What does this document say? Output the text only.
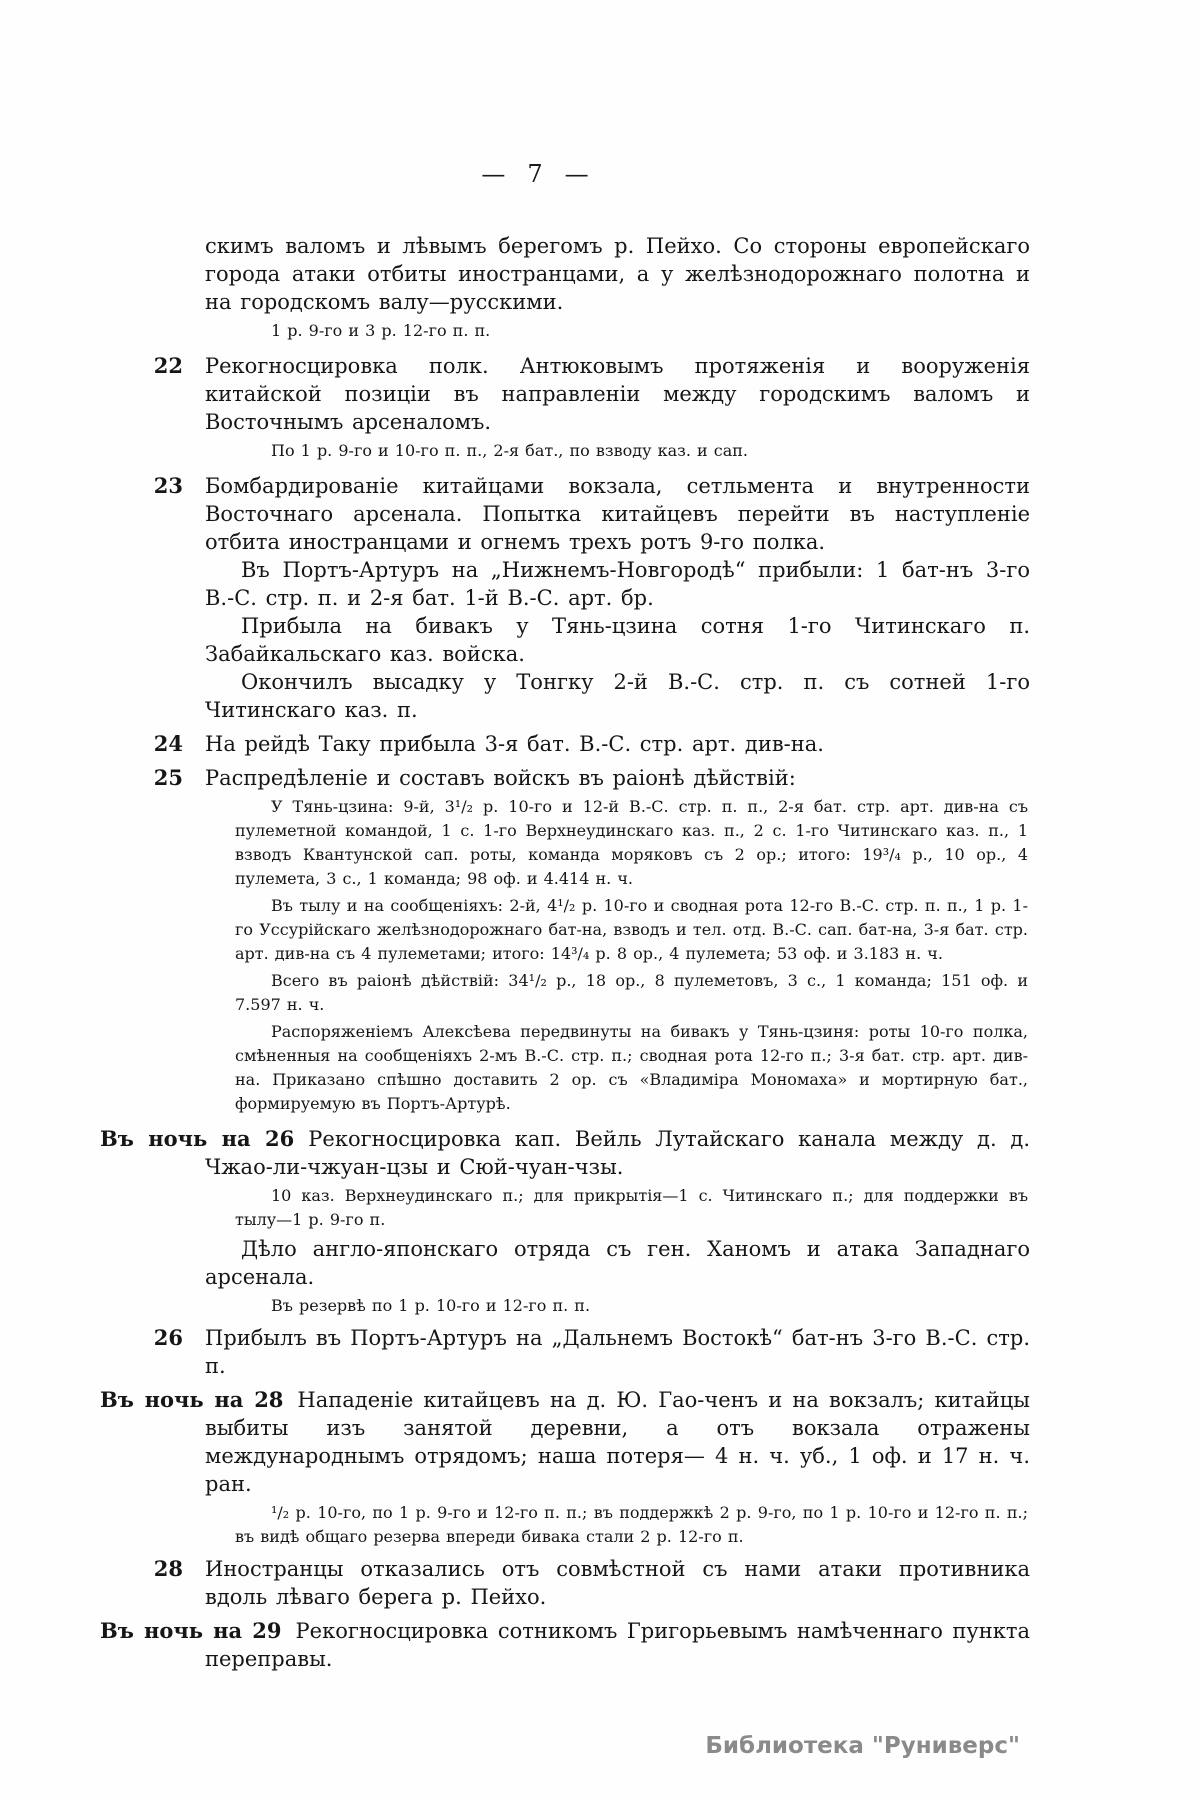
— 7 —

скимъ валомъ и лѣвымъ берегомъ р. Пейхо. Со стороны европейскаго города атаки отбиты иностранцами, а у желѣзнодорожнаго полотна и на городскомъ валу—русскими.

1 р. 9-го и 3 р. 12-го п. п.

22	Рекогносцировка полк. Антюковымъ протяженія и вооруженія китайской позиціи въ направленіи между городскимъ валомъ и Восточнымъ арсеналомъ.

По 1 р. 9-го и 10-го п. п., 2-я бат., по взводу каз. и сап.

23	Бомбардированіе китайцами вокзала, сетльмента и внутренности Восточнаго арсенала. Попытка китайцевъ перейти въ наступленіе отбита иностранцами и огнемъ трехъ ротъ 9-го полка.

Въ Портъ-Артуръ на „Нижнемъ-Новгородѣ“ прибыли: 1 бат-нъ 3-го В.-С. стр. п. и 2-я бат. 1-й В.-С. арт. бр.

Прибыла на бивакъ у Тянь-цзина сотня 1-го Читинскаго п. Забайкальскаго каз. войска.

Окончилъ высадку у Тонгку 2-й В.-С. стр. п. съ сотней 1-го Читинскаго каз. п.

24	На рейдѣ Таку прибыла 3-я бат. В.-С. стр. арт. див-на.

25	Распредѣленіе и составъ войскъ въ раіонѣ дѣйствій:

У Тянь-цзина: 9-й, 3¹/₂ р. 10-го и 12-й В.-С. стр. п. п., 2-я бат. стр. арт. див-на съ пулеметной командой, 1 с. 1-го Верхнеудинскаго каз. п., 2 с. 1-го Читинскаго каз. п., 1 взводъ Квантунской сап. роты, команда моряковъ съ 2 ор.; итого: 19³/₄ р., 10 ор., 4 пулемета, 3 с., 1 команда; 98 оф. и 4.414 н. ч.

Въ тылу и на сообщеніяхъ: 2-й, 4¹/₂ р. 10-го и сводная рота 12-го В.-С. стр. п. п., 1 р. 1-го Уссурійскаго желѣзнодорожнаго бат-на, взводъ и тел. отд. В.-С. сап. бат-на, 3-я бат. стр. арт. див-на съ 4 пулеметами; итого: 14³/₄ р. 8 ор., 4 пулемета; 53 оф. и 3.183 н. ч.

Всего въ раіонѣ дѣйствій: 34¹/₂ р., 18 ор., 8 пулеметовъ, 3 с., 1 команда; 151 оф. и 7.597 н. ч.

Распоряженіемъ Алексѣева передвинуты на бивакъ у Тянь-цзиня: роты 10-го полка, смѣненныя на сообщеніяхъ 2-мъ В.-С. стр. п.; сводная рота 12-го п.; 3-я бат. стр. арт. див-на. Приказано спѣшно доставить 2 ор. съ «Владиміра Мономаха» и мортирную бат., формируемую въ Портъ-Артурѣ.

Въ ночь на 26 Рекогносцировка кап. Вейль Лутайскаго канала между д. д. Чжао-ли-чжуан-цзы и Сюй-чуан-чзы.

10 каз. Верхнеудинскаго п.; для прикрытія—1 с. Читинскаго п.; для поддержки въ тылу—1 р. 9-го п.

Дѣло англо-японскаго отряда съ ген. Ханомъ и атака Западнаго арсенала.

Въ резервѣ по 1 р. 10-го и 12-го п. п.

26	Прибылъ въ Портъ-Артуръ на „Дальнемъ Востокѣ“ бат-нъ 3-го В.-С. стр. п.

Въ ночь на 28 Нападеніе китайцевъ на д. Ю. Гао-ченъ и на вокзалъ; китайцы выбиты изъ занятой деревни, а отъ вокзала отражены международнымъ отрядомъ; наша потеря— 4 н. ч. уб., 1 оф. и 17 н. ч. ран.

¹/₂ р. 10-го, по 1 р. 9-го и 12-го п. п.; въ поддержкѣ 2 р. 9-го, по 1 р. 10-го и 12-го п. п.; въ видѣ общаго резерва впереди бивака стали 2 р. 12-го п.

28	Иностранцы отказались отъ совмѣстной съ нами атаки противника вдоль лѣваго берега р. Пейхо.

Въ ночь на 29 Рекогносцировка сотникомъ Григорьевымъ намѣченнаго пункта переправы.

Библиотека "Руниверс"
